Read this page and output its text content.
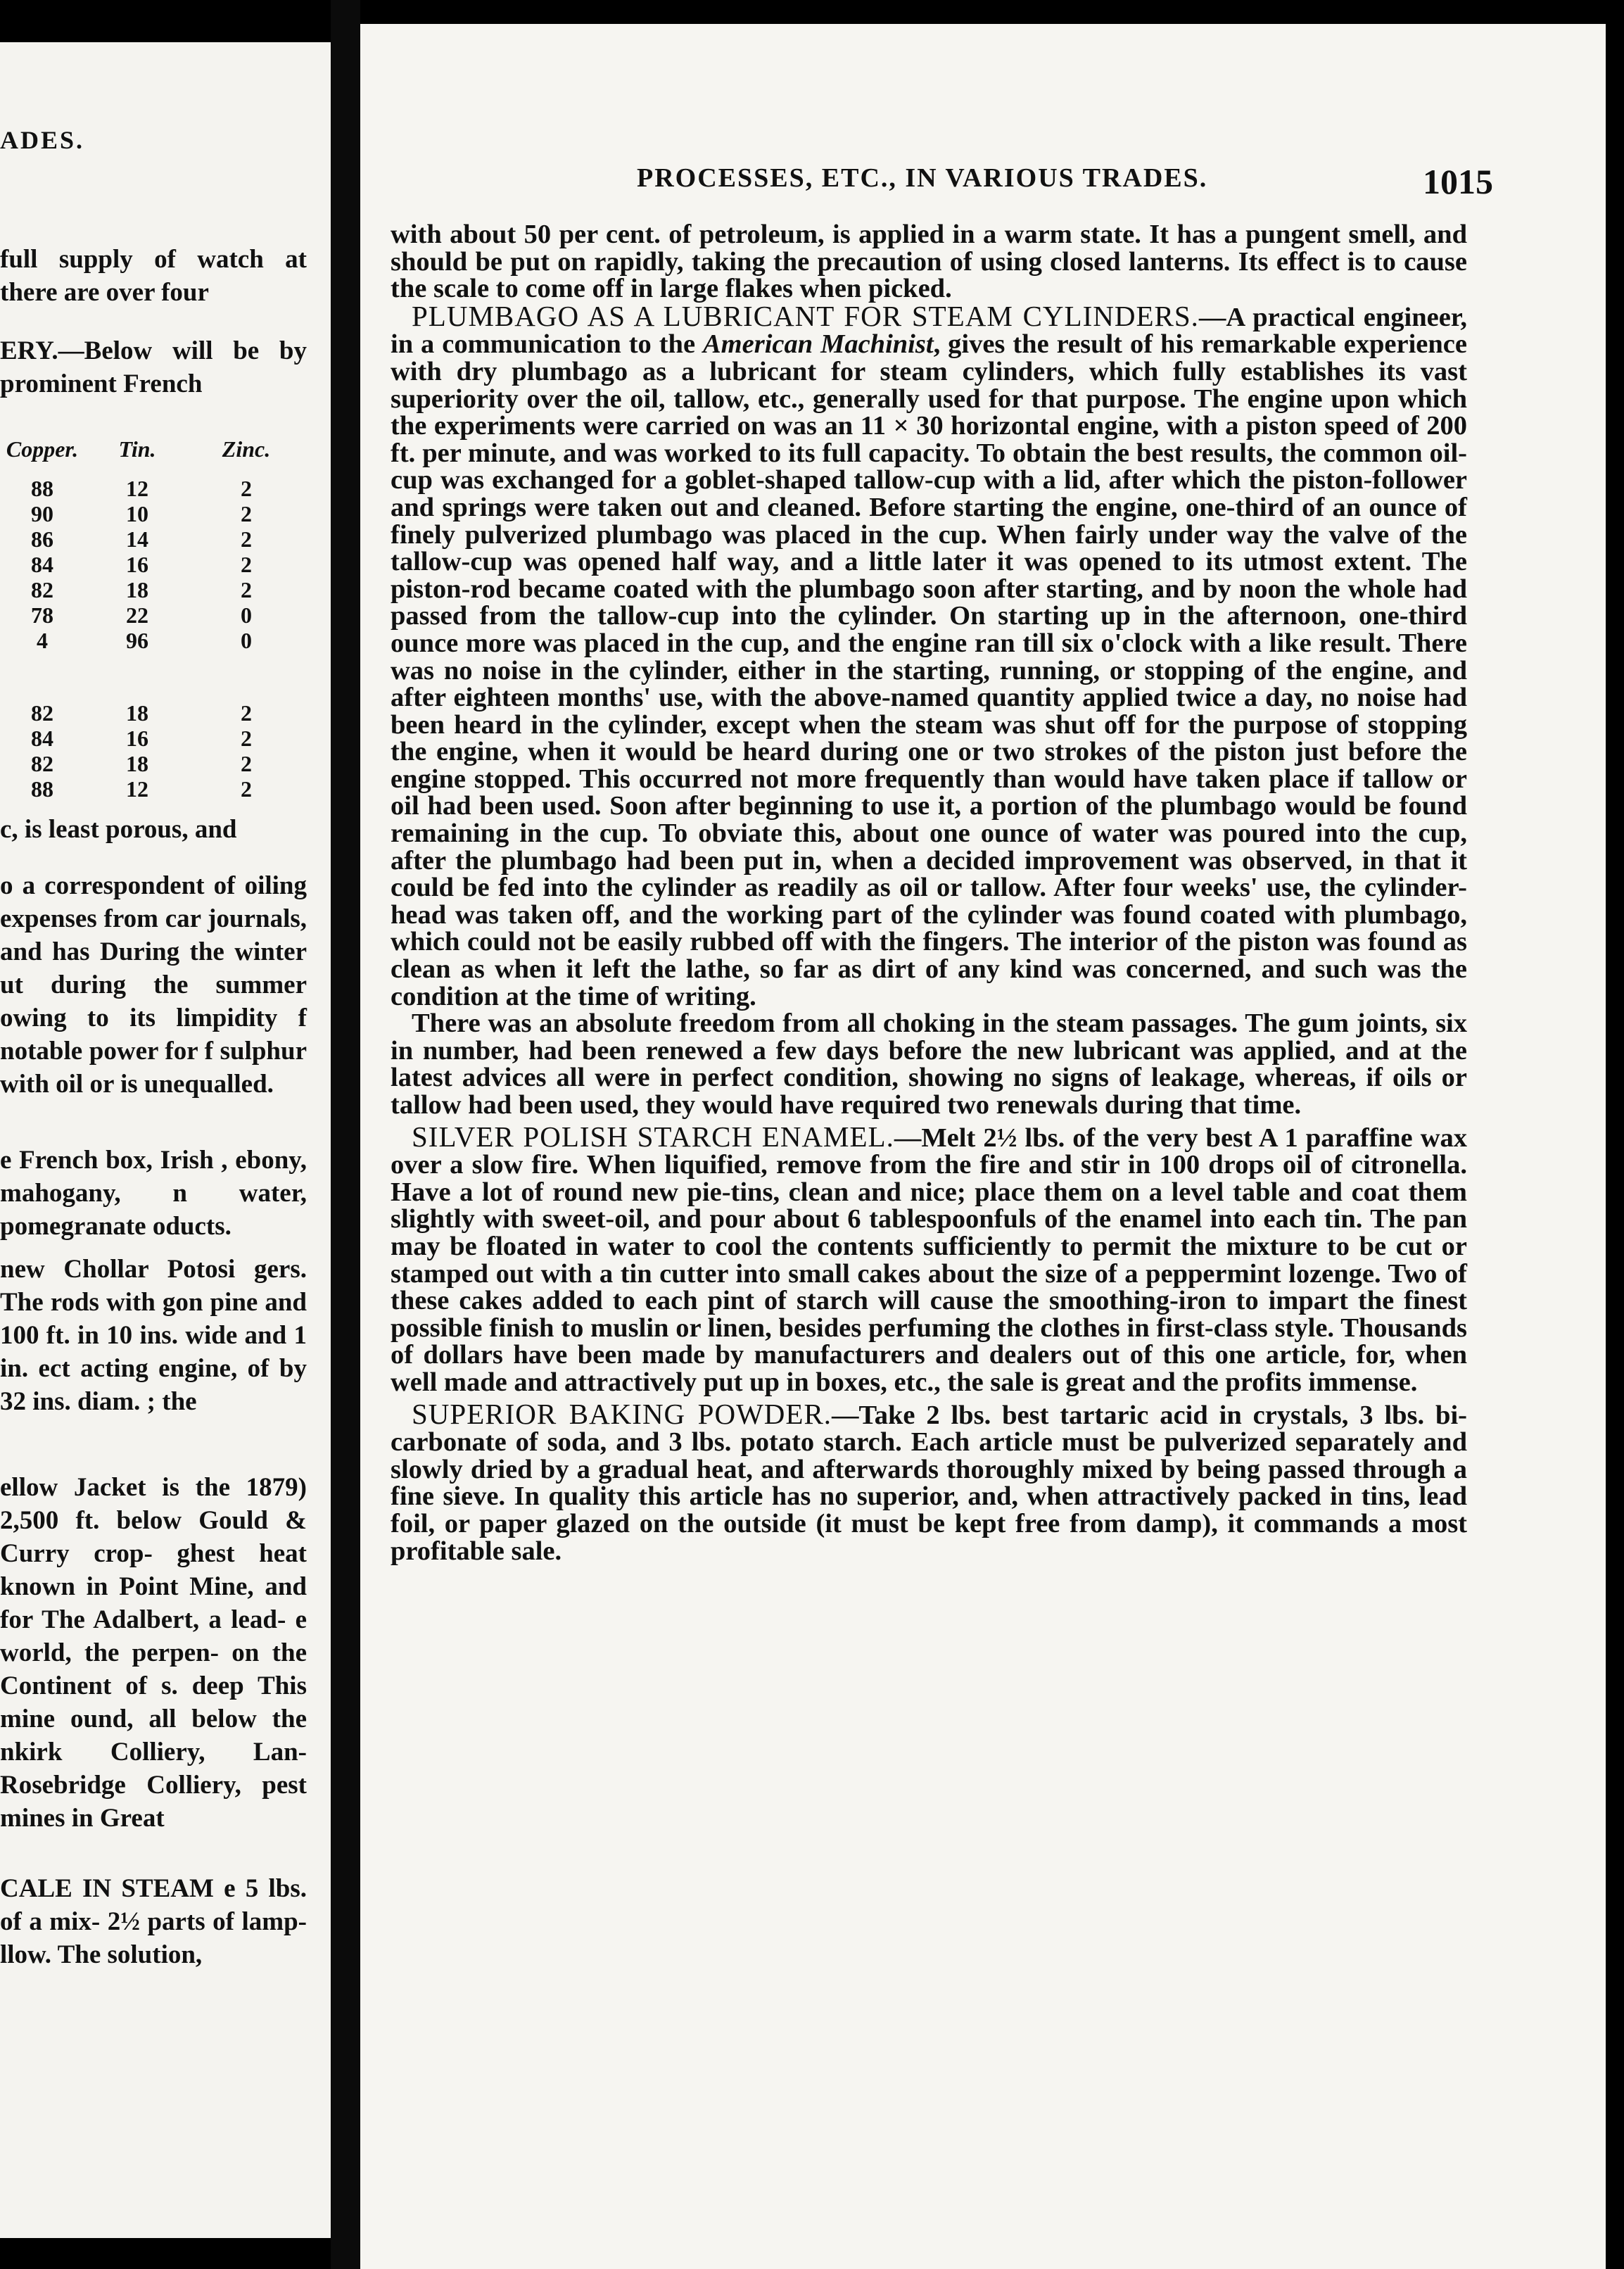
ADES.

full supply of watch at there are over four

ERY.—Below will be by prominent French

Copper.	Tin.	Zinc.
88	12	2
90	10	2
86	14	2
84	16	2
82	18	2
78	22	0
4	96	0
82	18	2
84	16	2
82	18	2
88	12	2

c, is least porous, and

o a correspondent of oiling expenses from car journals, and has During the winter ut during the summer owing to its limpidity f notable power for f sulphur with oil or is unequalled.

e French box, Irish , ebony, mahogany, n water, pomegranate oducts.

new Chollar Potosi gers. The rods with gon pine and 100 ft. in 10 ins. wide and 1 in. ect acting engine, of by 32 ins. diam. ; the

ellow Jacket is the 1879) 2,500 ft. below Gould & Curry crop- ghest heat known in Point Mine, and for The Adalbert, a lead- e world, the perpen- on the Continent of s. deep This mine ound, all below the nkirk Colliery, Lan- Rosebridge Colliery, pest mines in Great

CALE IN STEAM e 5 lbs. of a mix- 2½ parts of lamp- llow. The solution,

PROCESSES, ETC., IN VARIOUS TRADES.	1015

with about 50 per cent. of petroleum, is applied in a warm state. It has a pungent smell, and should be put on rapidly, taking the precaution of using closed lanterns. Its effect is to cause the scale to come off in large flakes when picked.

PLUMBAGO AS A LUBRICANT FOR STEAM CYLINDERS.—A practical engineer, in a communication to the American Machinist, gives the result of his remarkable experience with dry plumbago as a lubricant for steam cylinders, which fully establishes its vast superiority over the oil, tallow, etc., generally used for that purpose. The engine upon which the experiments were carried on was an 11 × 30 horizontal engine, with a piston speed of 200 ft. per minute, and was worked to its full capacity. To obtain the best results, the common oil-cup was exchanged for a goblet-shaped tallow-cup with a lid, after which the piston-follower and springs were taken out and cleaned. Before starting the engine, one-third of an ounce of finely pulverized plumbago was placed in the cup. When fairly under way the valve of the tallow-cup was opened half way, and a little later it was opened to its utmost extent. The piston-rod became coated with the plumbago soon after starting, and by noon the whole had passed from the tallow-cup into the cylinder. On starting up in the afternoon, one-third ounce more was placed in the cup, and the engine ran till six o'clock with a like result. There was no noise in the cylinder, either in the starting, running, or stopping of the engine, and after eighteen months' use, with the above-named quantity applied twice a day, no noise had been heard in the cylinder, except when the steam was shut off for the purpose of stopping the engine, when it would be heard during one or two strokes of the piston just before the engine stopped. This occurred not more frequently than would have taken place if tallow or oil had been used. Soon after beginning to use it, a portion of the plumbago would be found remaining in the cup. To obviate this, about one ounce of water was poured into the cup, after the plumbago had been put in, when a decided improvement was observed, in that it could be fed into the cylinder as readily as oil or tallow. After four weeks' use, the cylinder-head was taken off, and the working part of the cylinder was found coated with plumbago, which could not be easily rubbed off with the fingers. The interior of the piston was found as clean as when it left the lathe, so far as dirt of any kind was concerned, and such was the condition at the time of writing.

There was an absolute freedom from all choking in the steam passages. The gum joints, six in number, had been renewed a few days before the new lubricant was applied, and at the latest advices all were in perfect condition, showing no signs of leakage, whereas, if oils or tallow had been used, they would have required two renewals during that time.

SILVER POLISH STARCH ENAMEL.—Melt 2½ lbs. of the very best A 1 paraffine wax over a slow fire. When liquified, remove from the fire and stir in 100 drops oil of citronella. Have a lot of round new pie-tins, clean and nice; place them on a level table and coat them slightly with sweet-oil, and pour about 6 tablespoonfuls of the enamel into each tin. The pan may be floated in water to cool the contents sufficiently to permit the mixture to be cut or stamped out with a tin cutter into small cakes about the size of a peppermint lozenge. Two of these cakes added to each pint of starch will cause the smoothing-iron to impart the finest possible finish to muslin or linen, besides perfuming the clothes in first-class style. Thousands of dollars have been made by manufacturers and dealers out of this one article, for, when well made and attractively put up in boxes, etc., the sale is great and the profits immense.

SUPERIOR BAKING POWDER.—Take 2 lbs. best tartaric acid in crystals, 3 lbs. bi-carbonate of soda, and 3 lbs. potato starch. Each article must be pulverized separately and slowly dried by a gradual heat, and afterwards thoroughly mixed by being passed through a fine sieve. In quality this article has no superior, and, when attractively packed in tins, lead foil, or paper glazed on the outside (it must be kept free from damp), it commands a most profitable sale.
